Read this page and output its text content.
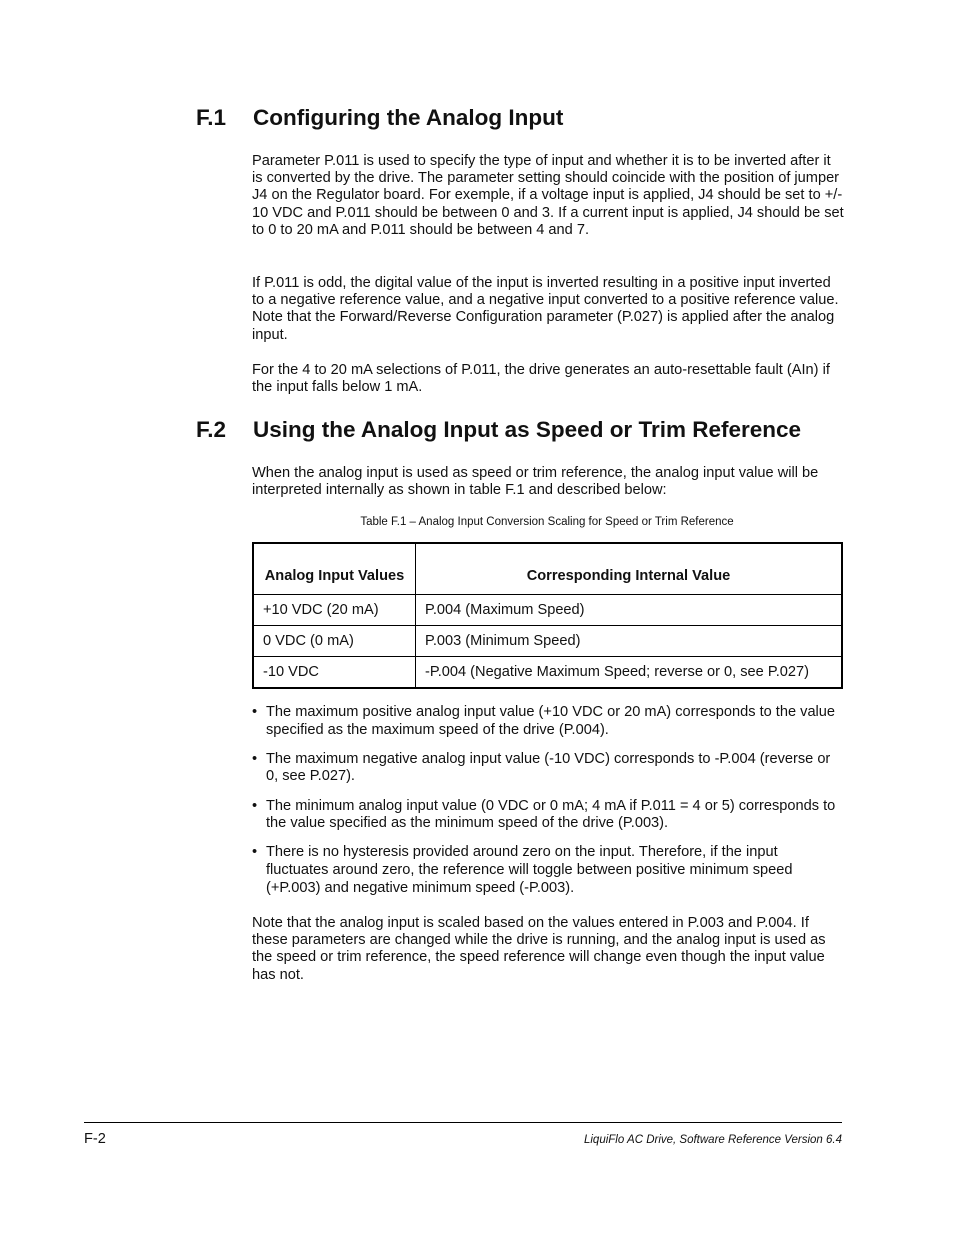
F.1 Configuring the Analog Input

Parameter P.011 is used to specify the type of input and whether it is to be inverted after it is converted by the drive. The parameter setting should coincide with the position of jumper J4 on the Regulator board. For exemple, if a voltage input is applied, J4 should be set to +/- 10 VDC and P.011 should be between 0 and 3. If a current input is applied, J4 should be set to 0 to 20 mA and P.011 should be between 4 and 7.

If P.011 is odd, the digital value of the input is inverted resulting in a positive input inverted to a negative reference value, and a negative input converted to a positive reference value. Note that the Forward/Reverse Configuration parameter (P.027) is applied after the analog input.

For the 4 to 20 mA selections of P.011, the drive generates an auto-resettable fault (AIn) if the input falls below 1 mA.

F.2 Using the Analog Input as Speed or Trim Reference

When the analog input is used as speed or trim reference, the analog input value will be interpreted internally as shown in table F.1 and described below:

Table F.1 – Analog Input Conversion Scaling for Speed or Trim Reference

Analog Input Values	Corresponding Internal Value
+10 VDC (20 mA)	P.004 (Maximum Speed)
0 VDC (0 mA)	P.003 (Minimum Speed)
-10 VDC	-P.004 (Negative Maximum Speed; reverse or 0, see P.027)
• The maximum positive analog input value (+10 VDC or 20 mA) corresponds to the value specified as the maximum speed of the drive (P.004).
• The maximum negative analog input value (-10 VDC) corresponds to -P.004 (reverse or 0, see P.027).
• The minimum analog input value (0 VDC or 0 mA; 4 mA if P.011 = 4 or 5) corresponds to the value specified as the minimum speed of the drive (P.003).
• There is no hysteresis provided around zero on the input. Therefore, if the input fluctuates around zero, the reference will toggle between positive minimum speed (+P.003) and negative minimum speed (-P.003).

Note that the analog input is scaled based on the values entered in P.003 and P.004. If these parameters are changed while the drive is running, and the analog input is used as the speed or trim reference, the speed reference will change even though the input value has not.

F-2	LiquiFlo AC Drive, Software Reference Version 6.4
